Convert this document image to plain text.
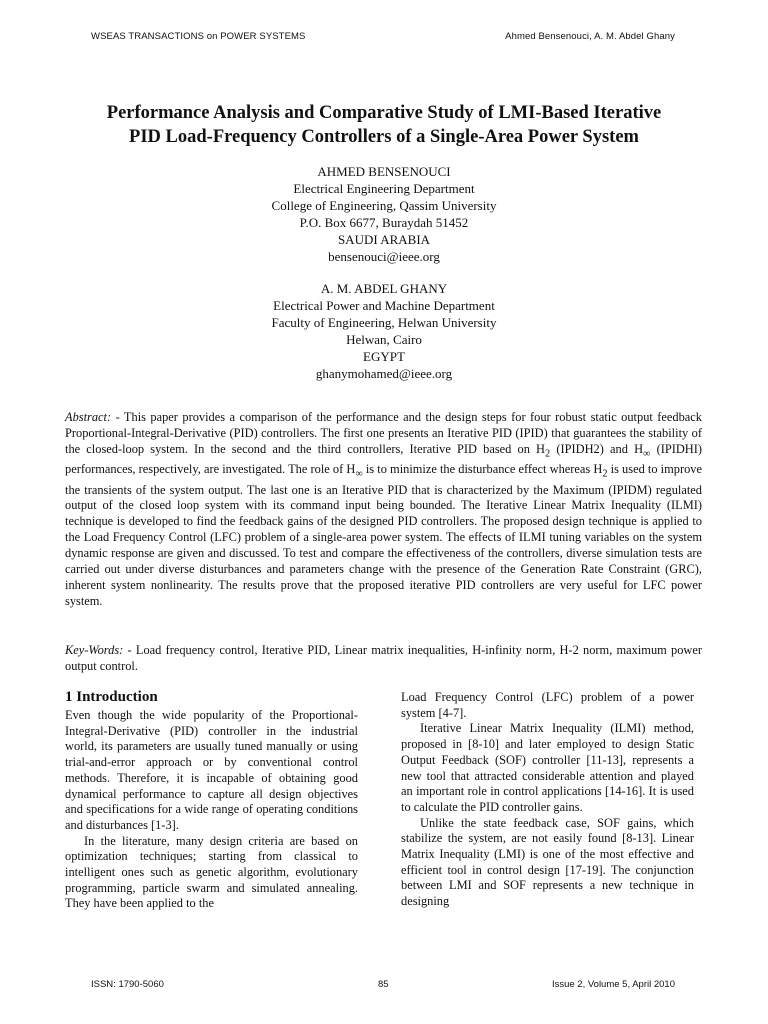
WSEAS TRANSACTIONS on POWER SYSTEMS	Ahmed Bensenouci, A. M. Abdel Ghany
Performance Analysis and Comparative Study of LMI-Based Iterative
PID Load-Frequency Controllers of a Single-Area Power System
AHMED BENSENOUCI
Electrical Engineering Department
College of Engineering, Qassim University
P.O. Box 6677, Buraydah 51452
SAUDI ARABIA
bensenouci@ieee.org
A. M. ABDEL GHANY
Electrical Power and Machine Department
Faculty of Engineering, Helwan University
Helwan, Cairo
EGYPT
ghanymohamed@ieee.org
Abstract: - This paper provides a comparison of the performance and the design steps for four robust static output feedback Proportional-Integral-Derivative (PID) controllers. The first one presents an Iterative PID (IPID) that guarantees the stability of the closed-loop system. In the second and the third controllers, Iterative PID based on $H_2$ (IPIDH2) and $H_\infty$ (IPIDHI) performances, respectively, are investigated. The role of $H_\infty$ is to minimize the disturbance effect whereas $H_2$ is used to improve the transients of the system output. The last one is an Iterative PID that is characterized by the Maximum (IPIDM) regulated output of the closed loop system with its command input being bounded. The Iterative Linear Matrix Inequality (ILMI) technique is developed to find the feedback gains of the designed PID controllers. The proposed design technique is applied to the Load Frequency Control (LFC) problem of a single-area power system. The effects of ILMI tuning variables on the system dynamic response are given and discussed. To test and compare the effectiveness of the controllers, diverse simulation tests are carried out under diverse disturbances and parameters change with the presence of the Generation Rate Constraint (GRC), inherent system nonlinearity. The results prove that the proposed iterative PID controllers are very useful for LFC power system.
Key-Words: - Load frequency control, Iterative PID, Linear matrix inequalities, H-infinity norm, H-2 norm, maximum power output control.
1 Introduction

Even though the wide popularity of the Proportional-Integral-Derivative (PID) controller in the industrial world, its parameters are usually tuned manually or using trial-and-error approach or by conventional control methods. Therefore, it is incapable of obtaining good dynamical performance to capture all design objectives and specifications for a wide range of operating conditions and disturbances [1-3].

In the literature, many design criteria are based on optimization techniques; starting from classical to intelligent ones such as genetic algorithm, evolutionary programming, particle swarm and simulated annealing. They have been applied to the

Load Frequency Control (LFC) problem of a power system [4-7].

Iterative Linear Matrix Inequality (ILMI) method, proposed in [8-10] and later employed to design Static Output Feedback (SOF) controller [11-13], represents a new tool that attracted considerable attention and played an important role in control applications [14-16]. It is used to calculate the PID controller gains.

Unlike the state feedback case, SOF gains, which stabilize the system, are not easily found [8-13]. Linear Matrix Inequality (LMI) is one of the most effective and efficient tool in control design [17-19]. The conjunction between LMI and SOF represents a new technique in designing

ISSN: 1790-5060	85	Issue 2, Volume 5, April 2010
